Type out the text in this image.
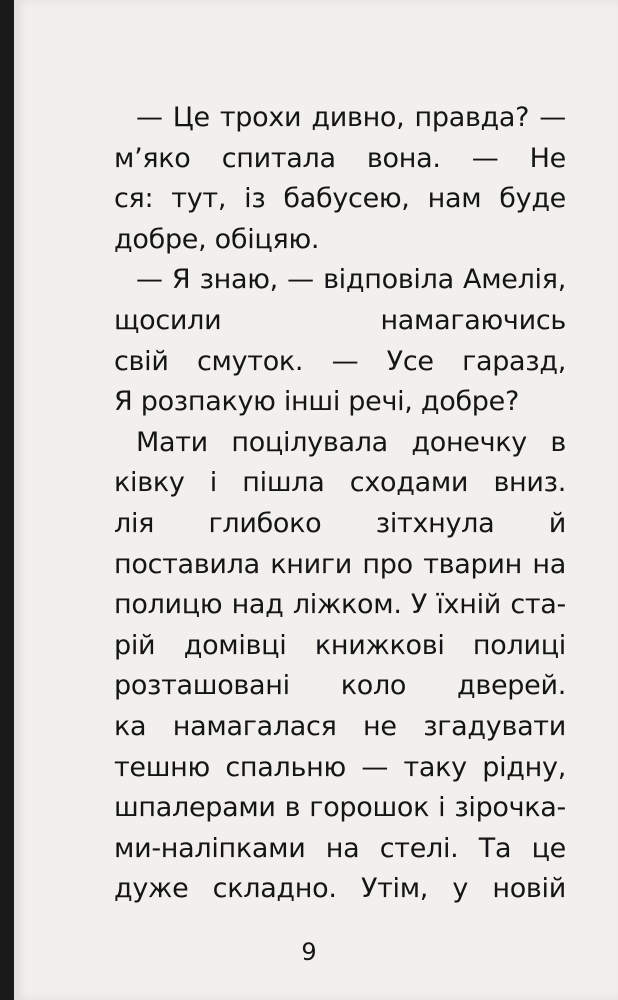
— Це трохи дивно, правда? —
м’яко спитала вона. — Не
ся: тут, із бабусею, нам буде
добре, обіцяю.
— Я знаю, — відповіла Амелія,
щосили намагаючись
свій смуток. — Усе гаразд,
Я розпакую інші речі, добре?
Мати поцілувала донечку в
ківку і пішла сходами вниз.
лія глибоко зітхнула й
поставила книги про тварин на
полицю над ліжком. У їхній ста-
рій домівці книжкові полиці
розташовані коло дверей.
ка намагалася не згадувати
тешню спальню — таку рідну,
шпалерами в горошок і зірочка-
ми-наліпками на стелі. Та це
дуже складно. Утім, у новій
9
